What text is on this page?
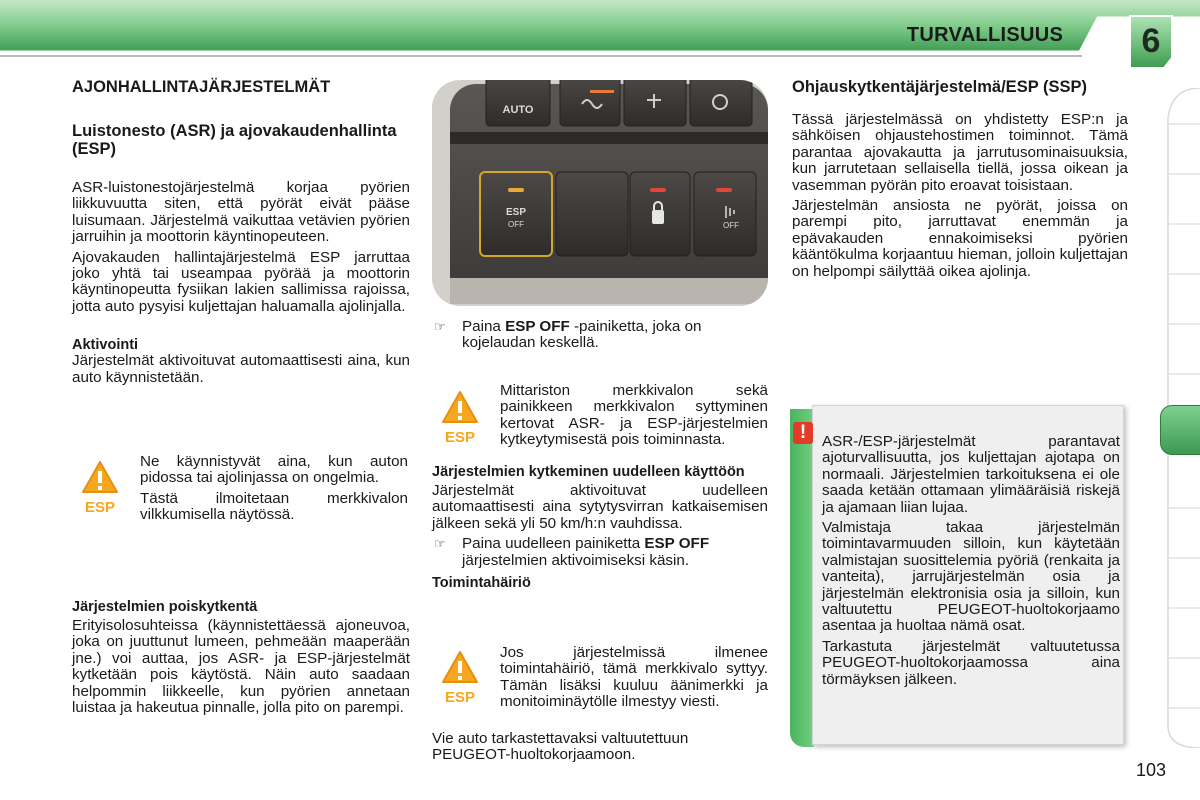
TURVALLISUUS	6
AJONHALLINTAJÄRJESTELMÄT
Luistonesto (ASR) ja ajovakaudenhallinta (ESP)

ASR-luistonestojärjestelmä korjaa pyörien liikkuvuutta siten, että pyörät eivät pääse luisumaan. Järjestelmä vaikuttaa vetävien pyörien jarruihin ja moottorin käyntinopeuteen.

Ajovakauden hallintajärjestelmä ESP jarruttaa joko yhtä tai useampaa pyörää ja moottorin käyntinopeutta fysiikan lakien sallimissa rajoissa, jotta auto pysyisi kuljettajan haluamalla ajolinjalla.

Aktivointi

Järjestelmät aktivoituvat automaattisesti aina, kun auto käynnistetään.

ESP

Ne käynnistyvät aina, kun auton pidossa tai ajolinjassa on ongelmia.

Tästä ilmoitetaan merkkivalon vilkkumisella näytössä.

Järjestelmien poiskytkentä

Erityisolosuhteissa (käynnistettäessä ajoneuvoa, joka on juuttunut lumeen, pehmeään maaperään jne.) voi auttaa, jos ASR- ja ESP-järjestelmät kytketään pois käytöstä. Näin auto saadaan helpommin liikkeelle, kun pyörien annetaan luistaa ja hakeutua pinnalle, jolla pito on parempi.

AUTO
ESP
OFF	OFF
☞ Paina ESP OFF -painiketta, joka on kojelaudan keskellä.
ESP

Mittariston merkkivalon sekä painikkeen merkkivalon syttyminen kertovat ASR- ja ESP-järjestelmien kytkeytymisestä pois toiminnasta.

Järjestelmien kytkeminen uudelleen käyttöön

Järjestelmät aktivoituvat uudelleen automaattisesti aina sytytysvirran katkaisemisen jälkeen sekä yli 50 km/h:n vauhdissa.

☞ Paina uudelleen painiketta ESP OFF järjestelmien aktivoimiseksi käsin.
Toimintahäiriö
ESP

Jos järjestelmissä ilmenee toimintahäiriö, tämä merkkivalo syttyy. Tämän lisäksi kuuluu äänimerkki ja monitoiminäytölle ilmestyy viesti.

Vie auto tarkastettavaksi valtuutettuun PEUGEOT-huoltokorjaamoon.

Ohjauskytkentäjärjestelmä/ESP (SSP)

Tässä järjestelmässä on yhdistetty ESP:n ja sähköisen ohjaustehostimen toiminnot. Tämä parantaa ajovakautta ja jarrutusominaisuuksia, kun jarrutetaan sellaisella tiellä, jossa oikean ja vasemman pyörän pito eroavat toisistaan.

Järjestelmän ansiosta ne pyörät, joissa on parempi pito, jarruttavat enemmän ja epävakauden ennakoimiseksi pyörien kääntökulma korjaantuu hieman, jolloin kuljettajan on helpompi säilyttää oikea ajolinja.

!	ASR-/ESP-järjestelmät parantavat ajoturvallisuutta, jos kuljettajan ajotapa on normaali. Järjestelmien tarkoituksena ei ole saada ketään ottamaan ylimääräisiä riskejä ja ajamaan liian lujaa.

Valmistaja takaa järjestelmän toimintavarmuuden silloin, kun käytetään valmistajan suosittelemia pyöriä (renkaita ja vanteita), jarrujärjestelmän osia ja järjestelmän elektronisia osia ja silloin, kun valtuutettu PEUGEOT-huoltokorjaamo asentaa ja huoltaa nämä osat.

Tarkastuta järjestelmät valtuutetussa PEUGEOT-huoltokorjaamossa aina törmäyksen jälkeen.

103
